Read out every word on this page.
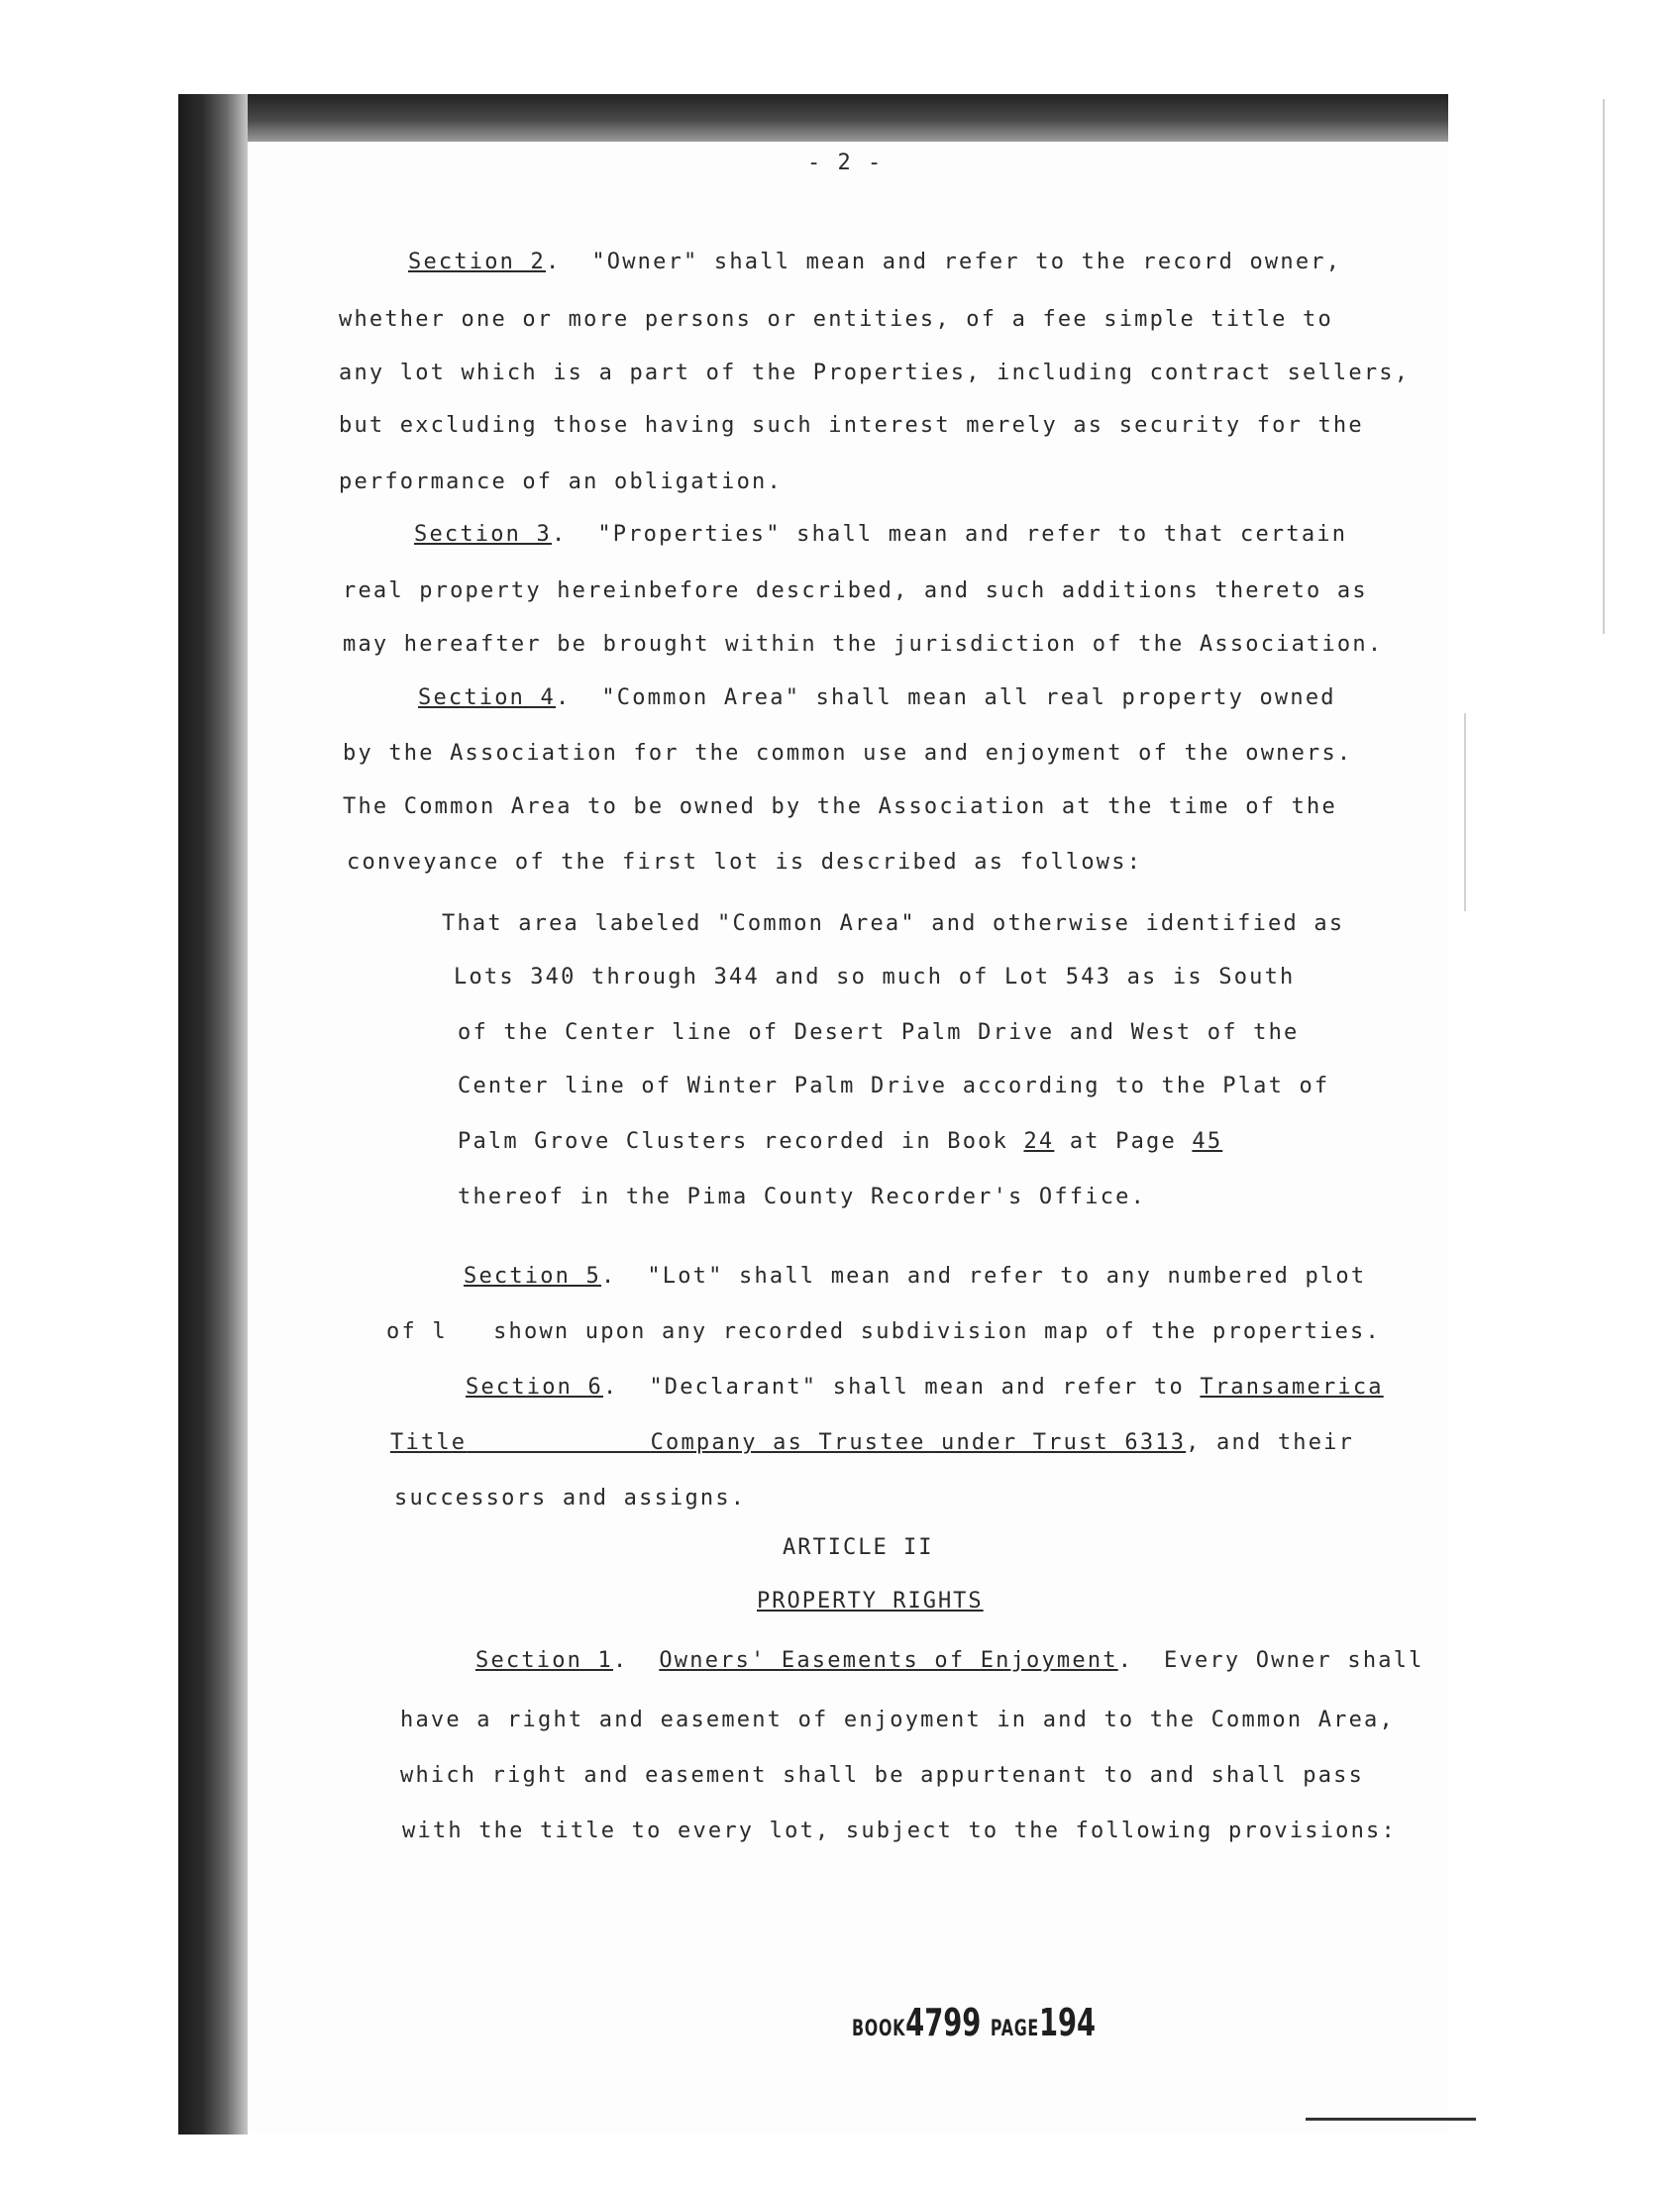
- 2 -
Section 2.  "Owner" shall mean and refer to the record owner,
whether one or more persons or entities, of a fee simple title to
any lot which is a part of the Properties, including contract sellers,
but excluding those having such interest merely as security for the
performance of an obligation.
Section 3.  "Properties" shall mean and refer to that certain
real property hereinbefore described, and such additions thereto as
may hereafter be brought within the jurisdiction of the Association.
Section 4.  "Common Area" shall mean all real property owned
by the Association for the common use and enjoyment of the owners.
The Common Area to be owned by the Association at the time of the
conveyance of the first lot is described as follows:
That area labeled "Common Area" and otherwise identified as
Lots 340 through 344 and so much of Lot 543 as is South
of the Center line of Desert Palm Drive and West of the
Center line of Winter Palm Drive according to the Plat of
Palm Grove Clusters recorded in Book 24 at Page 45
thereof in the Pima County Recorder's Office.
Section 5.  "Lot" shall mean and refer to any numbered plot
of l   shown upon any recorded subdivision map of the properties.
Section 6.  "Declarant" shall mean and refer to Transamerica
Title	Company as Trustee under Trust 6313, and their
successors and assigns.
ARTICLE II
PROPERTY RIGHTS
Section 1.  Owners' Easements of Enjoyment.  Every Owner shall
have a right and easement of enjoyment in and to the Common Area,
which right and easement shall be appurtenant to and shall pass
with the title to every lot, subject to the following provisions:
BOOK4799 PAGE194
